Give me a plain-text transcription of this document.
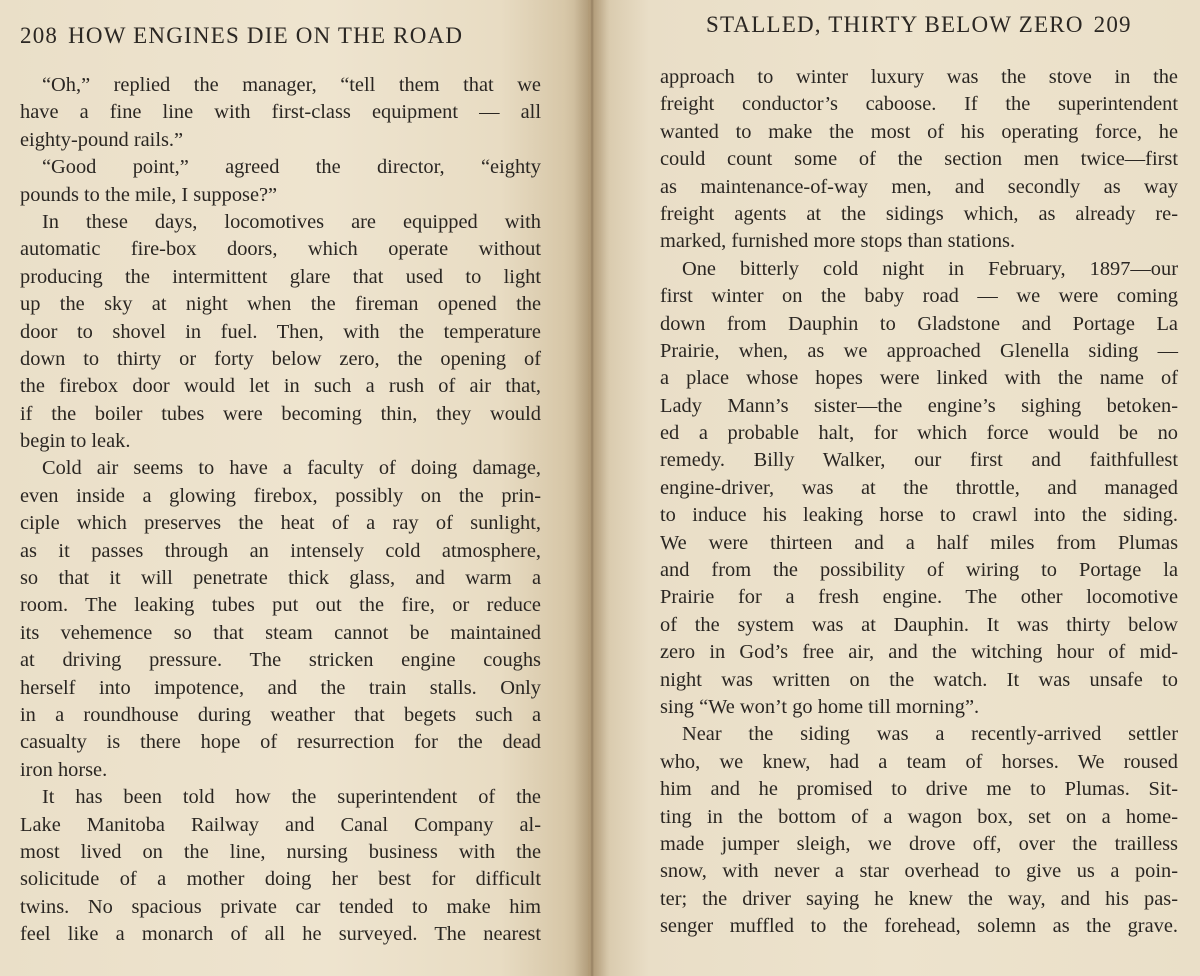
208 HOW ENGINES DIE ON THE ROAD
“Oh,” replied the manager, “tell them that we
have a fine line with first-class equipment — all
eighty-pound rails.”
“Good point,” agreed the director, “eighty
pounds to the mile, I suppose?”
In these days, locomotives are equipped with
automatic fire-box doors, which operate without
producing the intermittent glare that used to light
up the sky at night when the fireman opened the
door to shovel in fuel. Then, with the temperature
down to thirty or forty below zero, the opening of
the firebox door would let in such a rush of air that,
if the boiler tubes were becoming thin, they would
begin to leak.
Cold air seems to have a faculty of doing damage,
even inside a glowing firebox, possibly on the prin-
ciple which preserves the heat of a ray of sunlight,
as it passes through an intensely cold atmosphere,
so that it will penetrate thick glass, and warm a
room. The leaking tubes put out the fire, or reduce
its vehemence so that steam cannot be maintained
at driving pressure. The stricken engine coughs
herself into impotence, and the train stalls. Only
in a roundhouse during weather that begets such a
casualty is there hope of resurrection for the dead
iron horse.
It has been told how the superintendent of the
Lake Manitoba Railway and Canal Company al-
most lived on the line, nursing business with the
solicitude of a mother doing her best for difficult
twins. No spacious private car tended to make him
feel like a monarch of all he surveyed. The nearest
STALLED, THIRTY BELOW ZERO 209
approach to winter luxury was the stove in the
freight conductor’s caboose. If the superintendent
wanted to make the most of his operating force, he
could count some of the section men twice—first
as maintenance-of-way men, and secondly as way
freight agents at the sidings which, as already re-
marked, furnished more stops than stations.
One bitterly cold night in February, 1897—our
first winter on the baby road — we were coming
down from Dauphin to Gladstone and Portage La
Prairie, when, as we approached Glenella siding —
a place whose hopes were linked with the name of
Lady Mann’s sister—the engine’s sighing betoken-
ed a probable halt, for which force would be no
remedy. Billy Walker, our first and faithfullest
engine-driver, was at the throttle, and managed
to induce his leaking horse to crawl into the siding.
We were thirteen and a half miles from Plumas
and from the possibility of wiring to Portage la
Prairie for a fresh engine. The other locomotive
of the system was at Dauphin. It was thirty below
zero in God’s free air, and the witching hour of mid-
night was written on the watch. It was unsafe to
sing “We won’t go home till morning”.
Near the siding was a recently-arrived settler
who, we knew, had a team of horses. We roused
him and he promised to drive me to Plumas. Sit-
ting in the bottom of a wagon box, set on a home-
made jumper sleigh, we drove off, over the trailless
snow, with never a star overhead to give us a poin-
ter; the driver saying he knew the way, and his pas-
senger muffled to the forehead, solemn as the grave.
